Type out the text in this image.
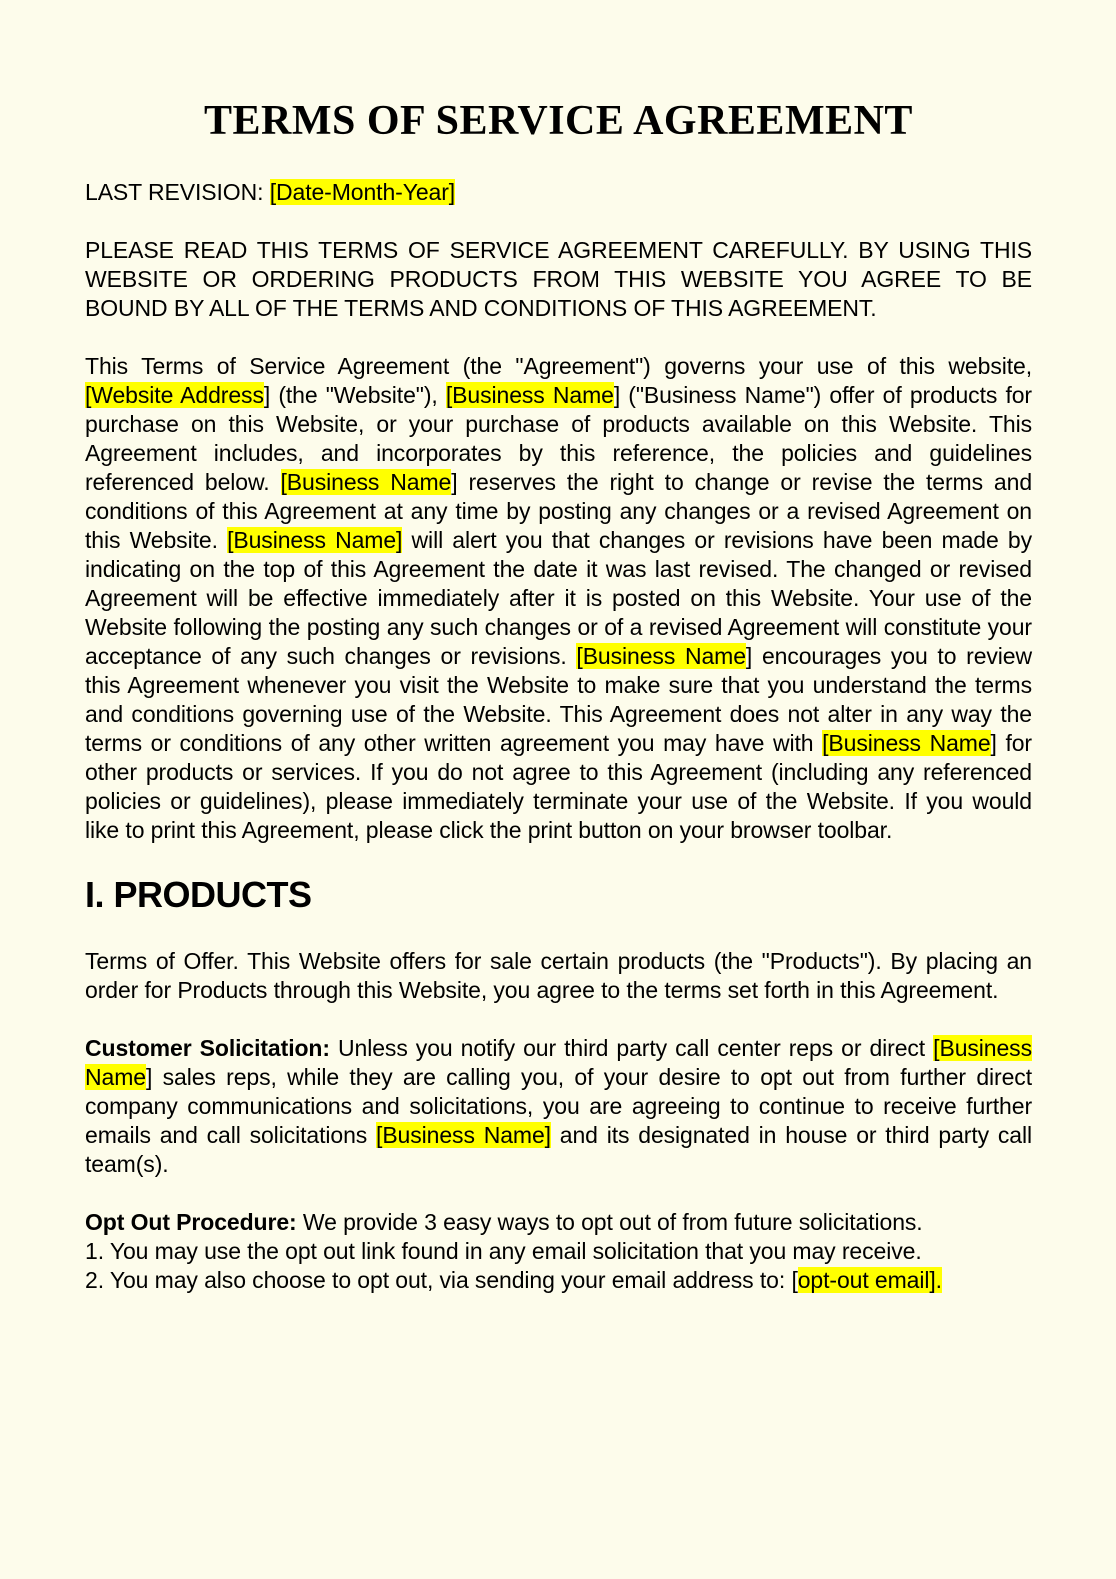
TERMS OF SERVICE AGREEMENT

LAST REVISION: [Date-Month-Year]

PLEASE READ THIS TERMS OF SERVICE AGREEMENT CAREFULLY. BY USING THIS WEBSITE OR ORDERING PRODUCTS FROM THIS WEBSITE YOU AGREE TO BE BOUND BY ALL OF THE TERMS AND CONDITIONS OF THIS AGREEMENT.

This Terms of Service Agreement (the "Agreement") governs your use of this website, [Website Address] (the "Website"), [Business Name] ("Business Name") offer of products for purchase on this Website, or your purchase of products available on this Website. This Agreement includes, and incorporates by this reference, the policies and guidelines referenced below. [Business Name] reserves the right to change or revise the terms and conditions of this Agreement at any time by posting any changes or a revised Agreement on this Website. [Business Name] will alert you that changes or revisions have been made by indicating on the top of this Agreement the date it was last revised. The changed or revised Agreement will be effective immediately after it is posted on this Website. Your use of the Website following the posting any such changes or of a revised Agreement will constitute your acceptance of any such changes or revisions. [Business Name] encourages you to review this Agreement whenever you visit the Website to make sure that you understand the terms and conditions governing use of the Website. This Agreement does not alter in any way the terms or conditions of any other written agreement you may have with [Business Name] for other products or services. If you do not agree to this Agreement (including any referenced policies or guidelines), please immediately terminate your use of the Website. If you would like to print this Agreement, please click the print button on your browser toolbar.

I. PRODUCTS

Terms of Offer. This Website offers for sale certain products (the "Products"). By placing an order for Products through this Website, you agree to the terms set forth in this Agreement.

Customer Solicitation: Unless you notify our third party call center reps or direct [Business Name] sales reps, while they are calling you, of your desire to opt out from further direct company communications and solicitations, you are agreeing to continue to receive further emails and call solicitations [Business Name] and its designated in house or third party call team(s).

Opt Out Procedure: We provide 3 easy ways to opt out of from future solicitations.
1. You may use the opt out link found in any email solicitation that you may receive.
2. You may also choose to opt out, via sending your email address to: [opt-out email].
